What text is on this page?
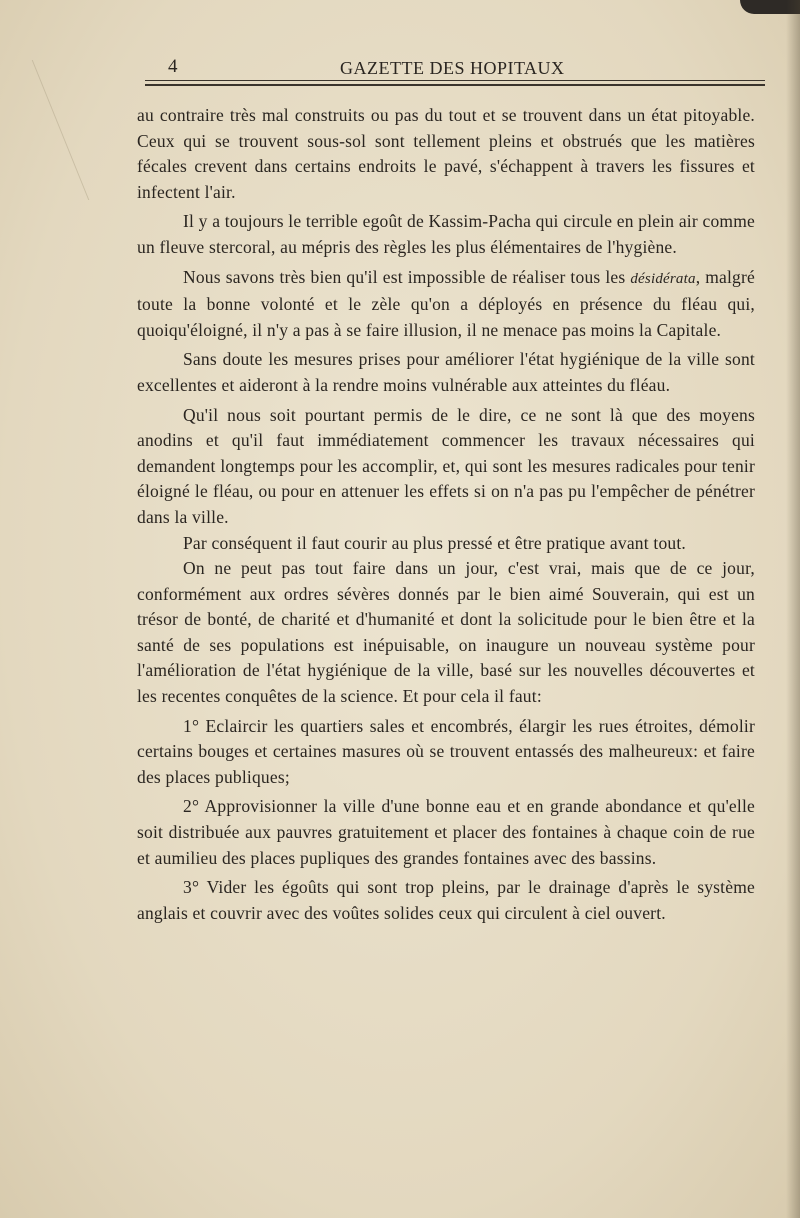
4	GAZETTE DES HOPITAUX

au contraire très mal construits ou pas du tout et se trouvent dans un état pitoyable. Ceux qui se trouvent sous-sol sont tellement pleins et obstrués que les matières fécales crevent dans certains endroits le pavé, s'échappent à travers les fissures et infectent l'air.

Il y a toujours le terrible egoût de Kassim-Pacha qui circule en plein air comme un fleuve stercoral, au mépris des règles les plus élémentaires de l'hygiène.

Nous savons très bien qu'il est impossible de réaliser tous les désidérata, malgré toute la bonne volonté et le zèle qu'on a déployés en présence du fléau qui, quoiqu'éloigné, il n'y a pas à se faire illusion, il ne menace pas moins la Capitale.

Sans doute les mesures prises pour améliorer l'état hygiénique de la ville sont excellentes et aideront à la rendre moins vulnérable aux atteintes du fléau.

Qu'il nous soit pourtant permis de le dire, ce ne sont là que des moyens anodins et qu'il faut immédiatement commencer les travaux nécessaires qui demandent longtemps pour les accomplir, et, qui sont les mesures radicales pour tenir éloigné le fléau, ou pour en attenuer les effets si on n'a pas pu l'empêcher de pénétrer dans la ville.

Par conséquent il faut courir au plus pressé et être pratique avant tout.

On ne peut pas tout faire dans un jour, c'est vrai, mais que de ce jour, conformément aux ordres sévères donnés par le bien aimé Souverain, qui est un trésor de bonté, de charité et d'humanité et dont la solicitude pour le bien être et la santé de ses populations est inépuisable, on inaugure un nouveau système pour l'amélioration de l'état hygiénique de la ville, basé sur les nouvelles découvertes et les recentes conquêtes de la science. Et pour cela il faut:

1° Eclaircir les quartiers sales et encombrés, élargir les rues étroites, démolir certains bouges et certaines masures où se trouvent entassés des malheureux: et faire des places publiques;

2° Approvisionner la ville d'une bonne eau et en grande abondance et qu'elle soit distribuée aux pauvres gratuitement et placer des fontaines à chaque coin de rue et aumilieu des places pupliques des grandes fontaines avec des bassins.

3° Vider les égoûts qui sont trop pleins, par le drainage d'après le système anglais et couvrir avec des voûtes solides ceux qui circulent à ciel ouvert.
